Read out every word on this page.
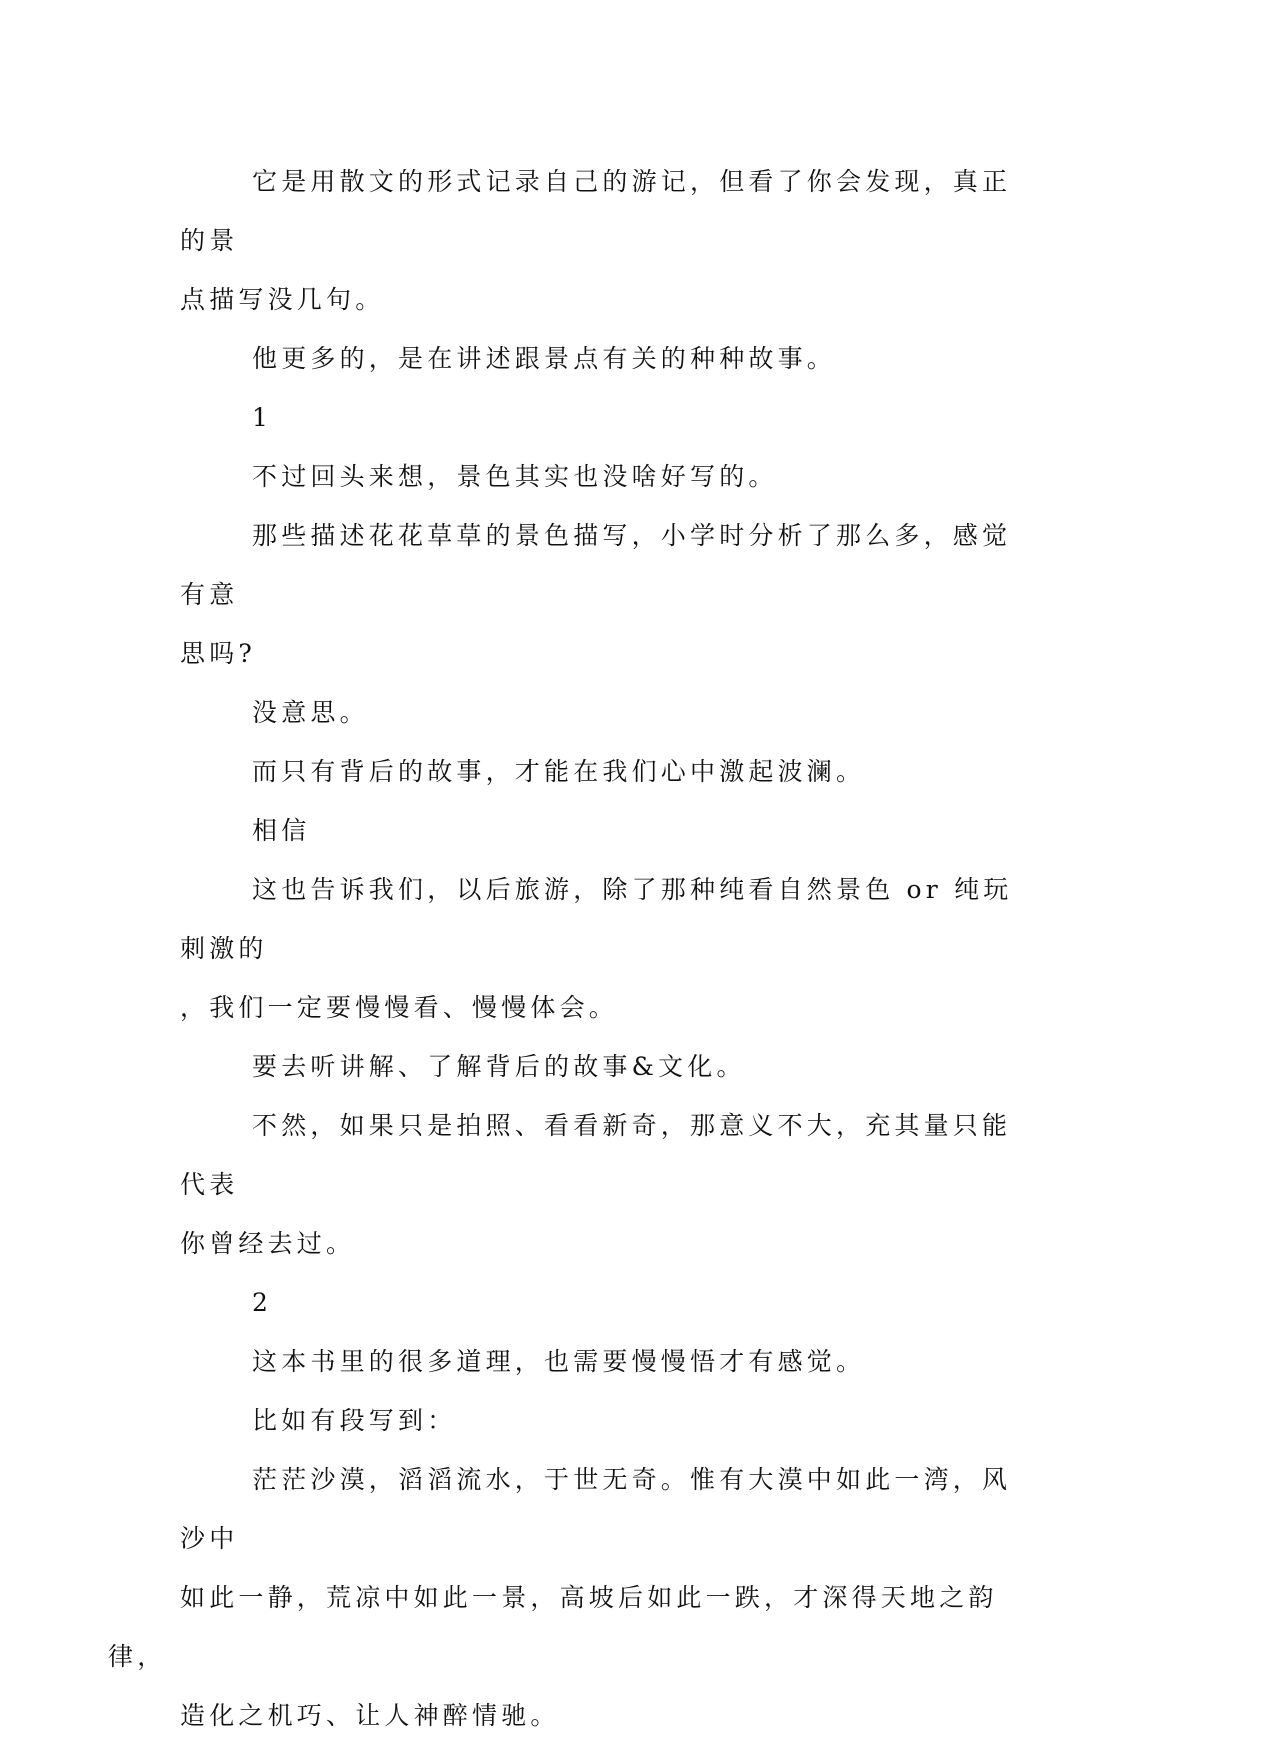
它是用散文的形式记录自己的游记，但看了你会发现，真正的景
点描写没几句。

他更多的，是在讲述跟景点有关的种种故事。

1

不过回头来想，景色其实也没啥好写的。

那些描述花花草草的景色描写，小学时分析了那么多，感觉有意
思吗?

没意思。

而只有背后的故事，才能在我们心中激起波澜。

相信

这也告诉我们，以后旅游，除了那种纯看自然景色 or 纯玩刺激的
，我们一定要慢慢看、慢慢体会。

要去听讲解、了解背后的故事&文化。

不然，如果只是拍照、看看新奇，那意义不大，充其量只能代表
你曾经去过。

2

这本书里的很多道理，也需要慢慢悟才有感觉。

比如有段写到：

茫茫沙漠，滔滔流水，于世无奇。惟有大漠中如此一湾，风沙中
如此一静，荒凉中如此一景，高坡后如此一跌，才深得天地之韵律，
造化之机巧、让人神醉情驰。
